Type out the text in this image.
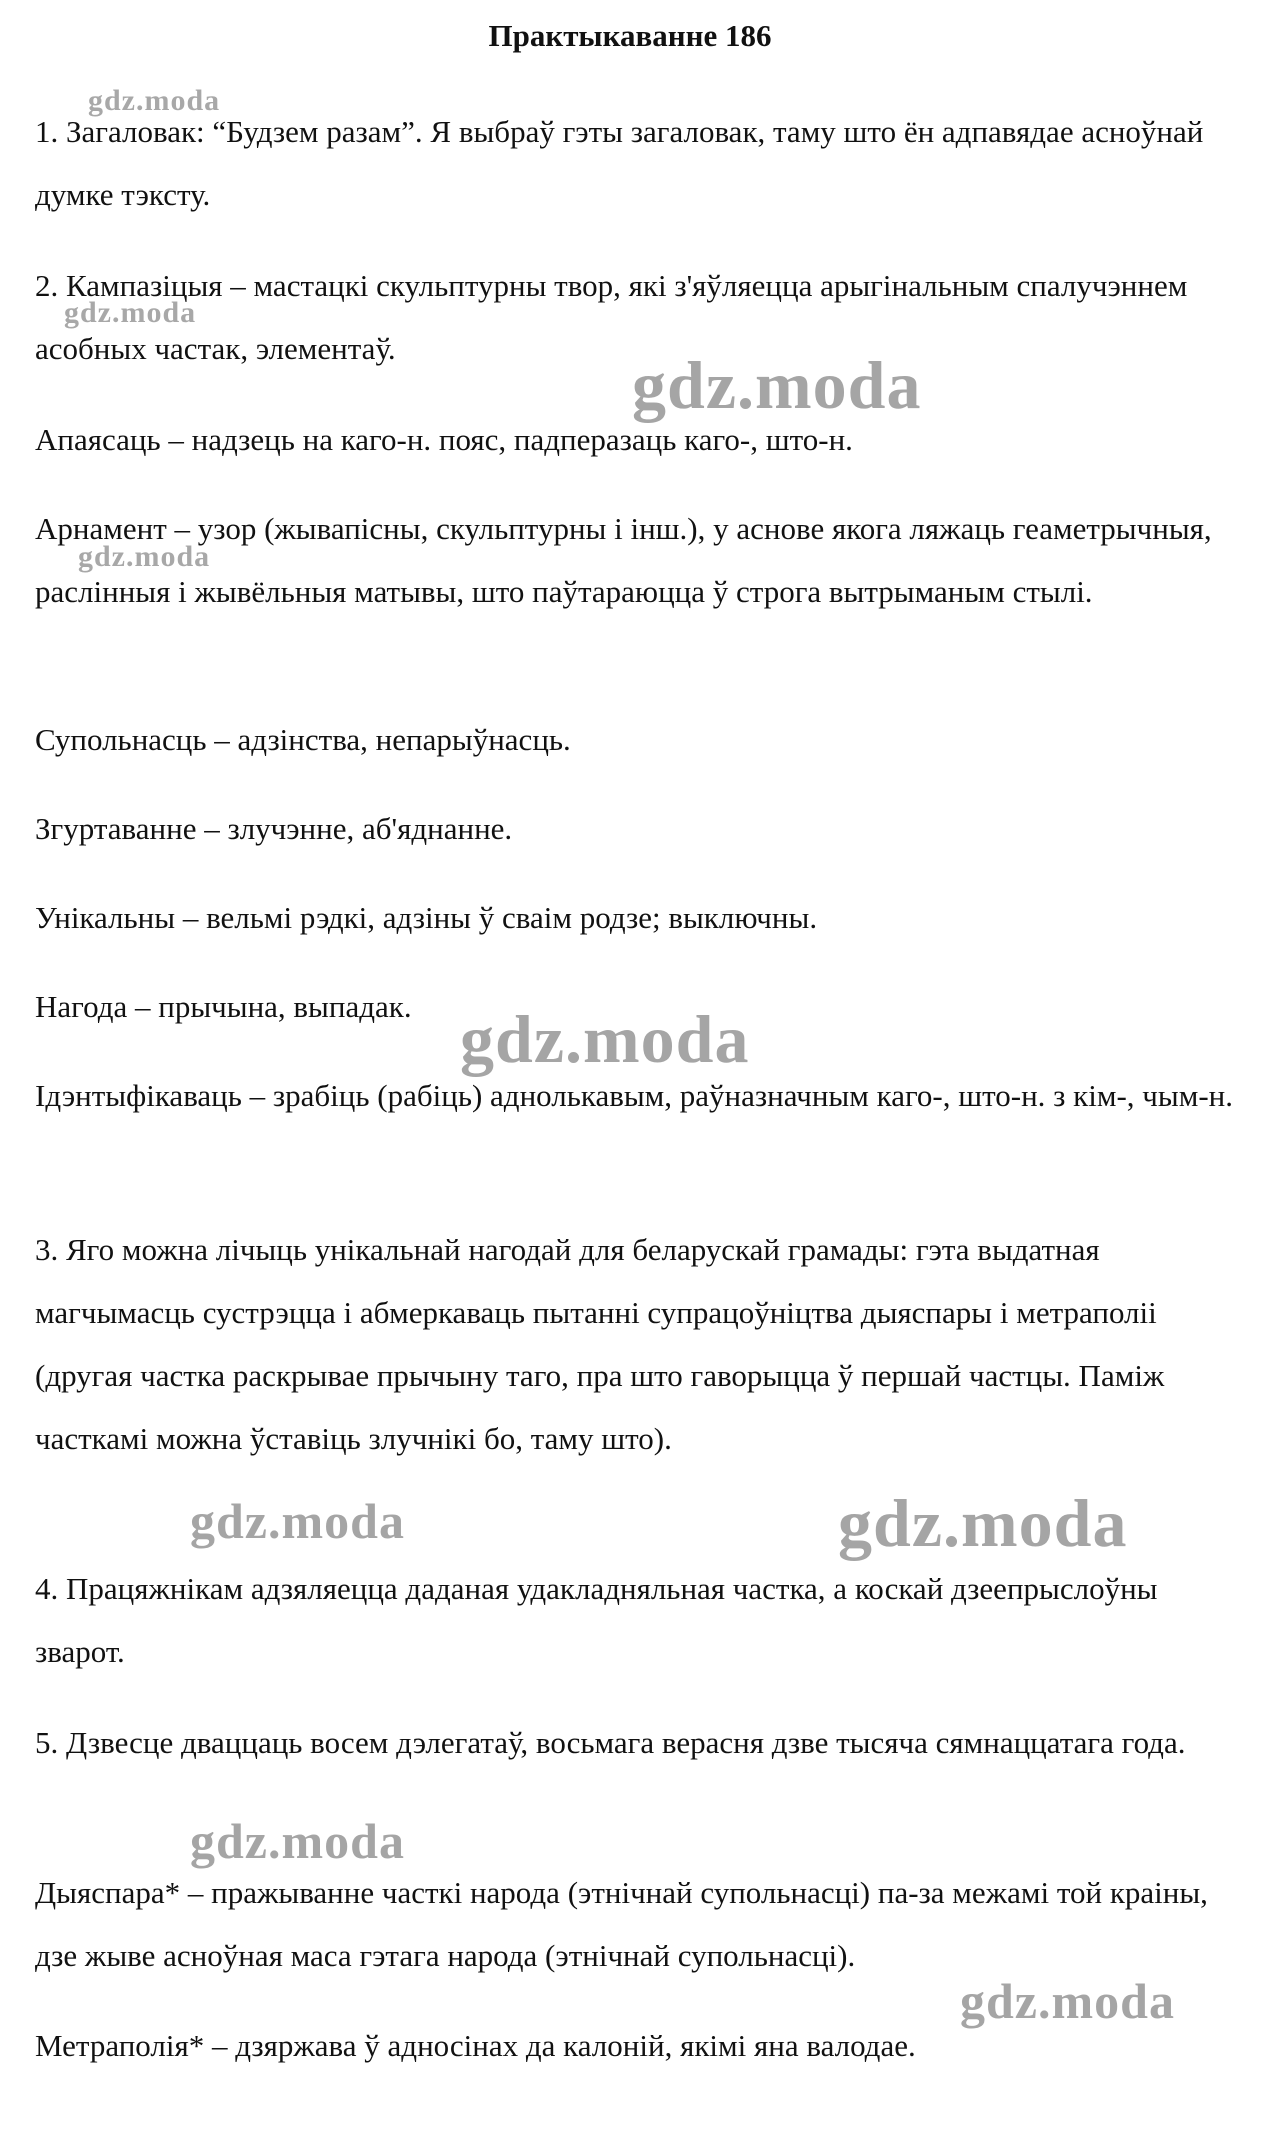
Практыкаванне 186

1. Загаловак: “Будзем разам”. Я выбраў гэты загаловак, таму што ён адпавядае асноўнай думке тэксту.

2. Кампазіцыя – мастацкі скульптурны твор, які з'яўляецца арыгінальным спалучэннем асобных частак, элементаў.

Апаясаць – надзець на каго-н. пояс, падперазаць каго-, што-н.

Арнамент – узор (жывапісны, скульптурны і інш.), у аснове якога ляжаць геаметрычныя, раслінныя і жывёльныя матывы, што паўтараюцца ў строга вытрыманым стылі.

Супольнасць – адзінства, непарыўнасць.

Згуртаванне – злучэнне, аб'яднанне.

Унікальны – вельмі рэдкі, адзіны ў сваім родзе; выключны.

Нагода – прычына, выпадак.

Ідэнтыфікаваць – зрабіць (рабіць) аднолькавым, раўназначным каго-, што-н. з кім-, чым-н.

3. Яго можна лічыць унікальнай нагодай для беларускай грамады: гэта выдатная магчымасць сустрэцца і абмеркаваць пытанні супрацоўніцтва дыяспары і метраполіі (другая частка раскрывае прычыну таго, пра што гаворыцца ў першай частцы. Паміж часткамі можна ўставіць злучнікі бо, таму што).

4. Працяжнікам адзяляецца даданая удакладняльная частка, а коскай дзеепрыслоўны зварот.

5. Дзвесце дваццаць восем дэлегатаў, восьмага верасня дзве тысяча сямнаццатага года.

Дыяспара* – пражыванне часткі народа (этнічнай супольнасці) па-за межамі той краіны, дзе жыве асноўная маса гэтага народа (этнічнай супольнасці).

Метраполія* – дзяржава ў адносінах да калоній, якімі яна валодае.

gdz.moda
gdz.moda
gdz.moda
gdz.moda
gdz.moda
gdz.moda	gdz.moda
gdz.moda
gdz.moda
